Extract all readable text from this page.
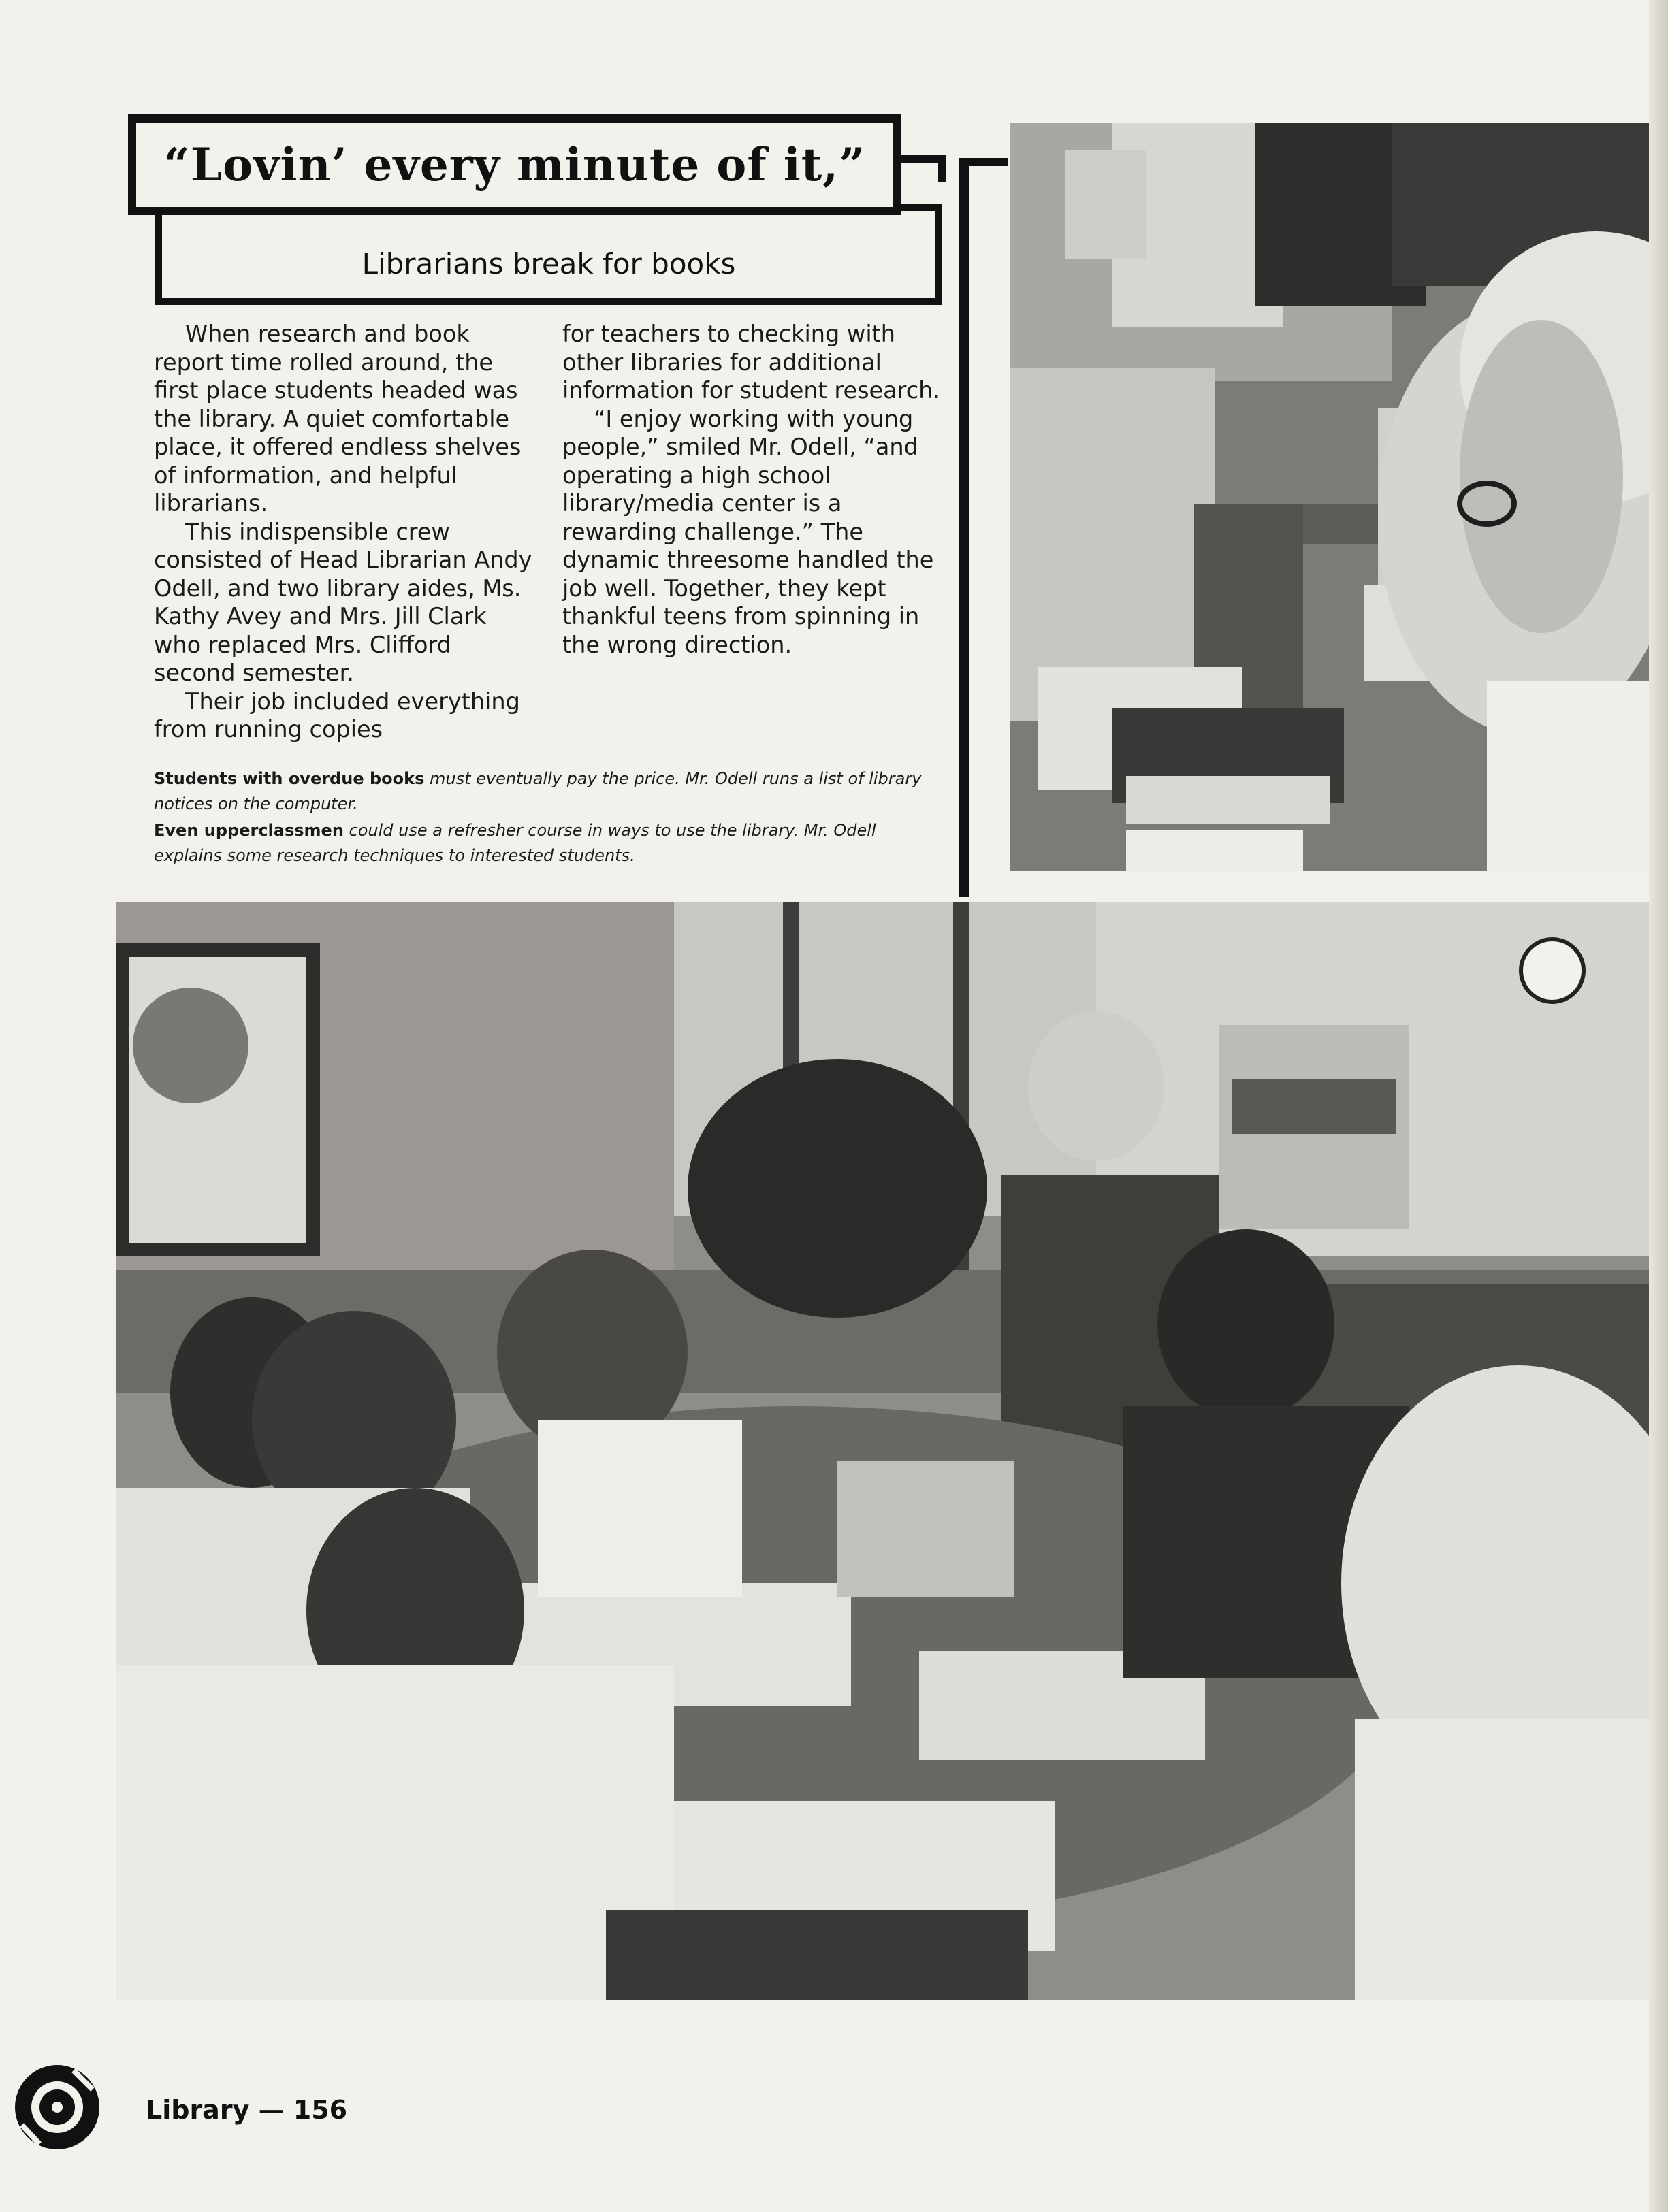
Librarians break for books
“Lovin’ every minute of it,”

When research and book report time rolled around, the first place students headed was the library. A quiet comfortable place, it offered endless shelves of information, and helpful librarians.

This indispensible crew consisted of Head Librarian Andy Odell, and two library aides, Ms. Kathy Avey and Mrs. Jill Clark who replaced Mrs. Clifford second semester.

Their job included everything from running copies

for teachers to checking with other libraries for additional information for student research.

“I enjoy working with young people,” smiled Mr. Odell, “and operating a high school library/media center is a rewarding challenge.” The dynamic threesome handled the job well. Together, they kept thankful teens from spinning in the wrong direction.

Students with overdue books must eventually pay the price. Mr. Odell runs a list of library notices on the computer.

Even upperclassmen could use a refresher course in ways to use the library. Mr. Odell explains some research techniques to interested students.

Library — 156
